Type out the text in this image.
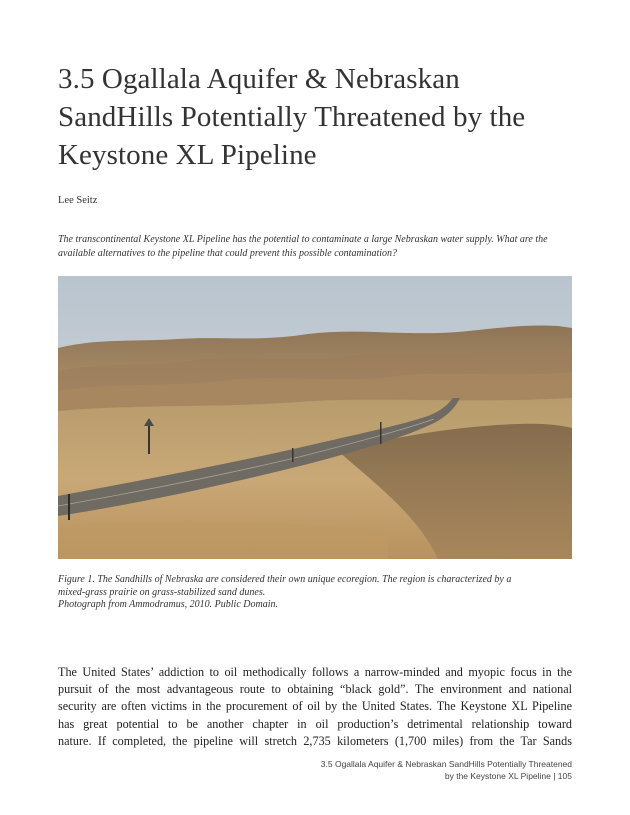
3.5 Ogallala Aquifer & Nebraskan
SandHills Potentially Threatened by the
Keystone XL Pipeline

Lee Seitz

The transcontinental Keystone XL Pipeline has the potential to contaminate a large Nebraskan water supply. What are the
available alternatives to the pipeline that could prevent this possible contamination?

Figure 1. The Sandhills of Nebraska are considered their own unique ecoregion. The region is characterized by a
mixed-grass prairie on grass-stabilized sand dunes.
Photograph from Ammodramus, 2010. Public Domain.

The United States’ addiction to oil methodically follows a narrow-minded and myopic focus in the
pursuit of the most advantageous route to obtaining “black gold”. The environment and national
security are often victims in the procurement of oil by the United States. The Keystone XL Pipeline
has great potential to be another chapter in oil production’s detrimental relationship toward
nature. If completed, the pipeline will stretch 2,735 kilometers (1,700 miles) from the Tar Sands

3.5 Ogallala Aquifer & Nebraskan SandHills Potentially Threatened
by the Keystone XL Pipeline | 105
